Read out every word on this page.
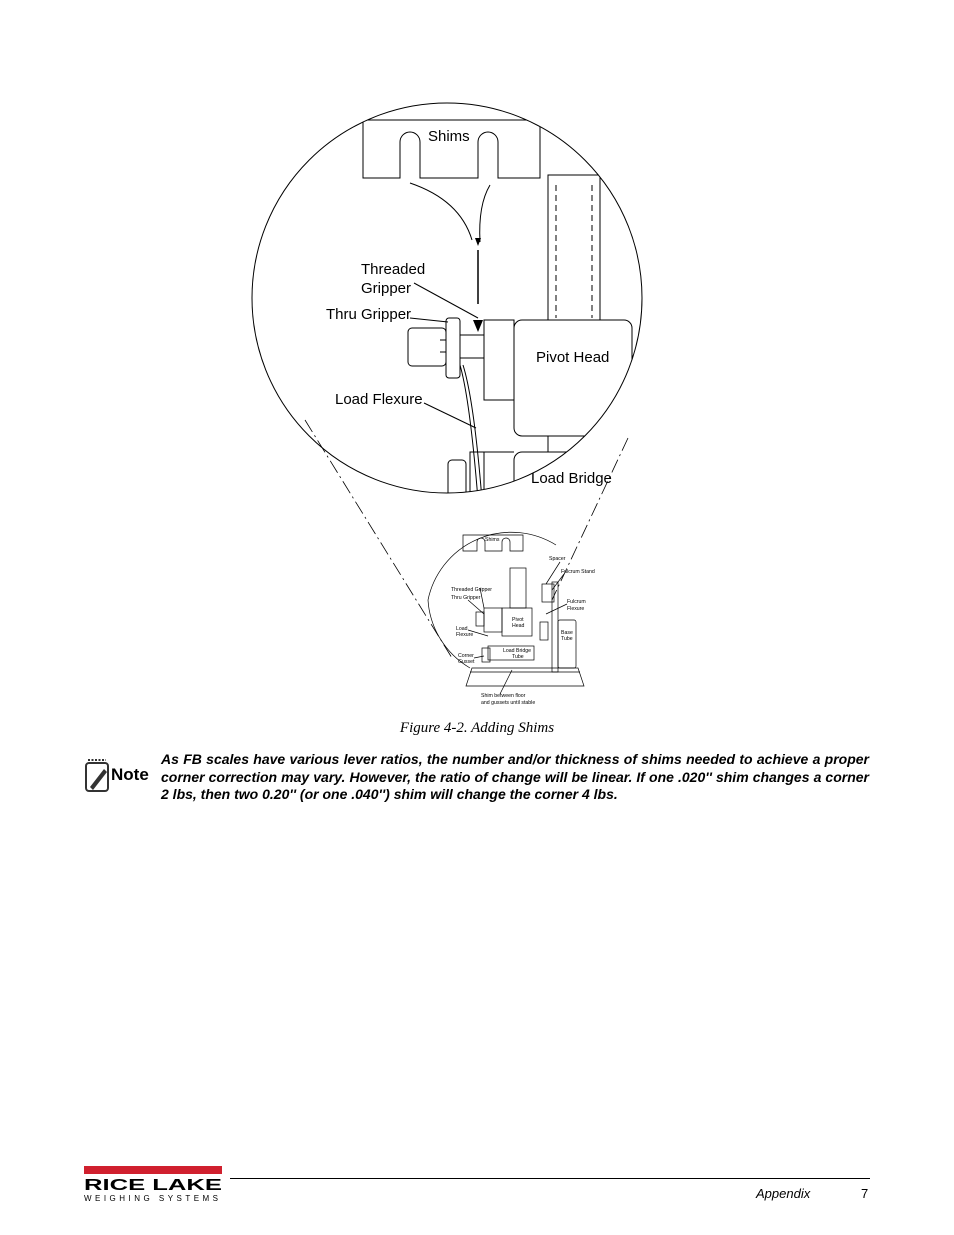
Shims
Threaded
Gripper
Thru Gripper
Pivot Head
Load Flexure
Load Bridge
Shims
Spacer
Fulcrum Stand
Threaded Gripper
Thru Gripper
Fulcrum
Flexure
Pivot
Head
Load
Flexure	Base
Tube
Load Bridge
Tube
Corner
Gusset
Shim between floor
and gussets until stable
Figure 4-2. Adding Shims
Note
As FB scales have various lever ratios, the number and/or thickness of shims needed to achieve a proper corner correction may vary. However, the ratio of change will be linear. If one .020'' shim changes a corner 2 lbs, then two 0.20'' (or one .040'') shim will change the corner 4 lbs.
RICE LAKE
WEIGHING SYSTEMS	Appendix	7
